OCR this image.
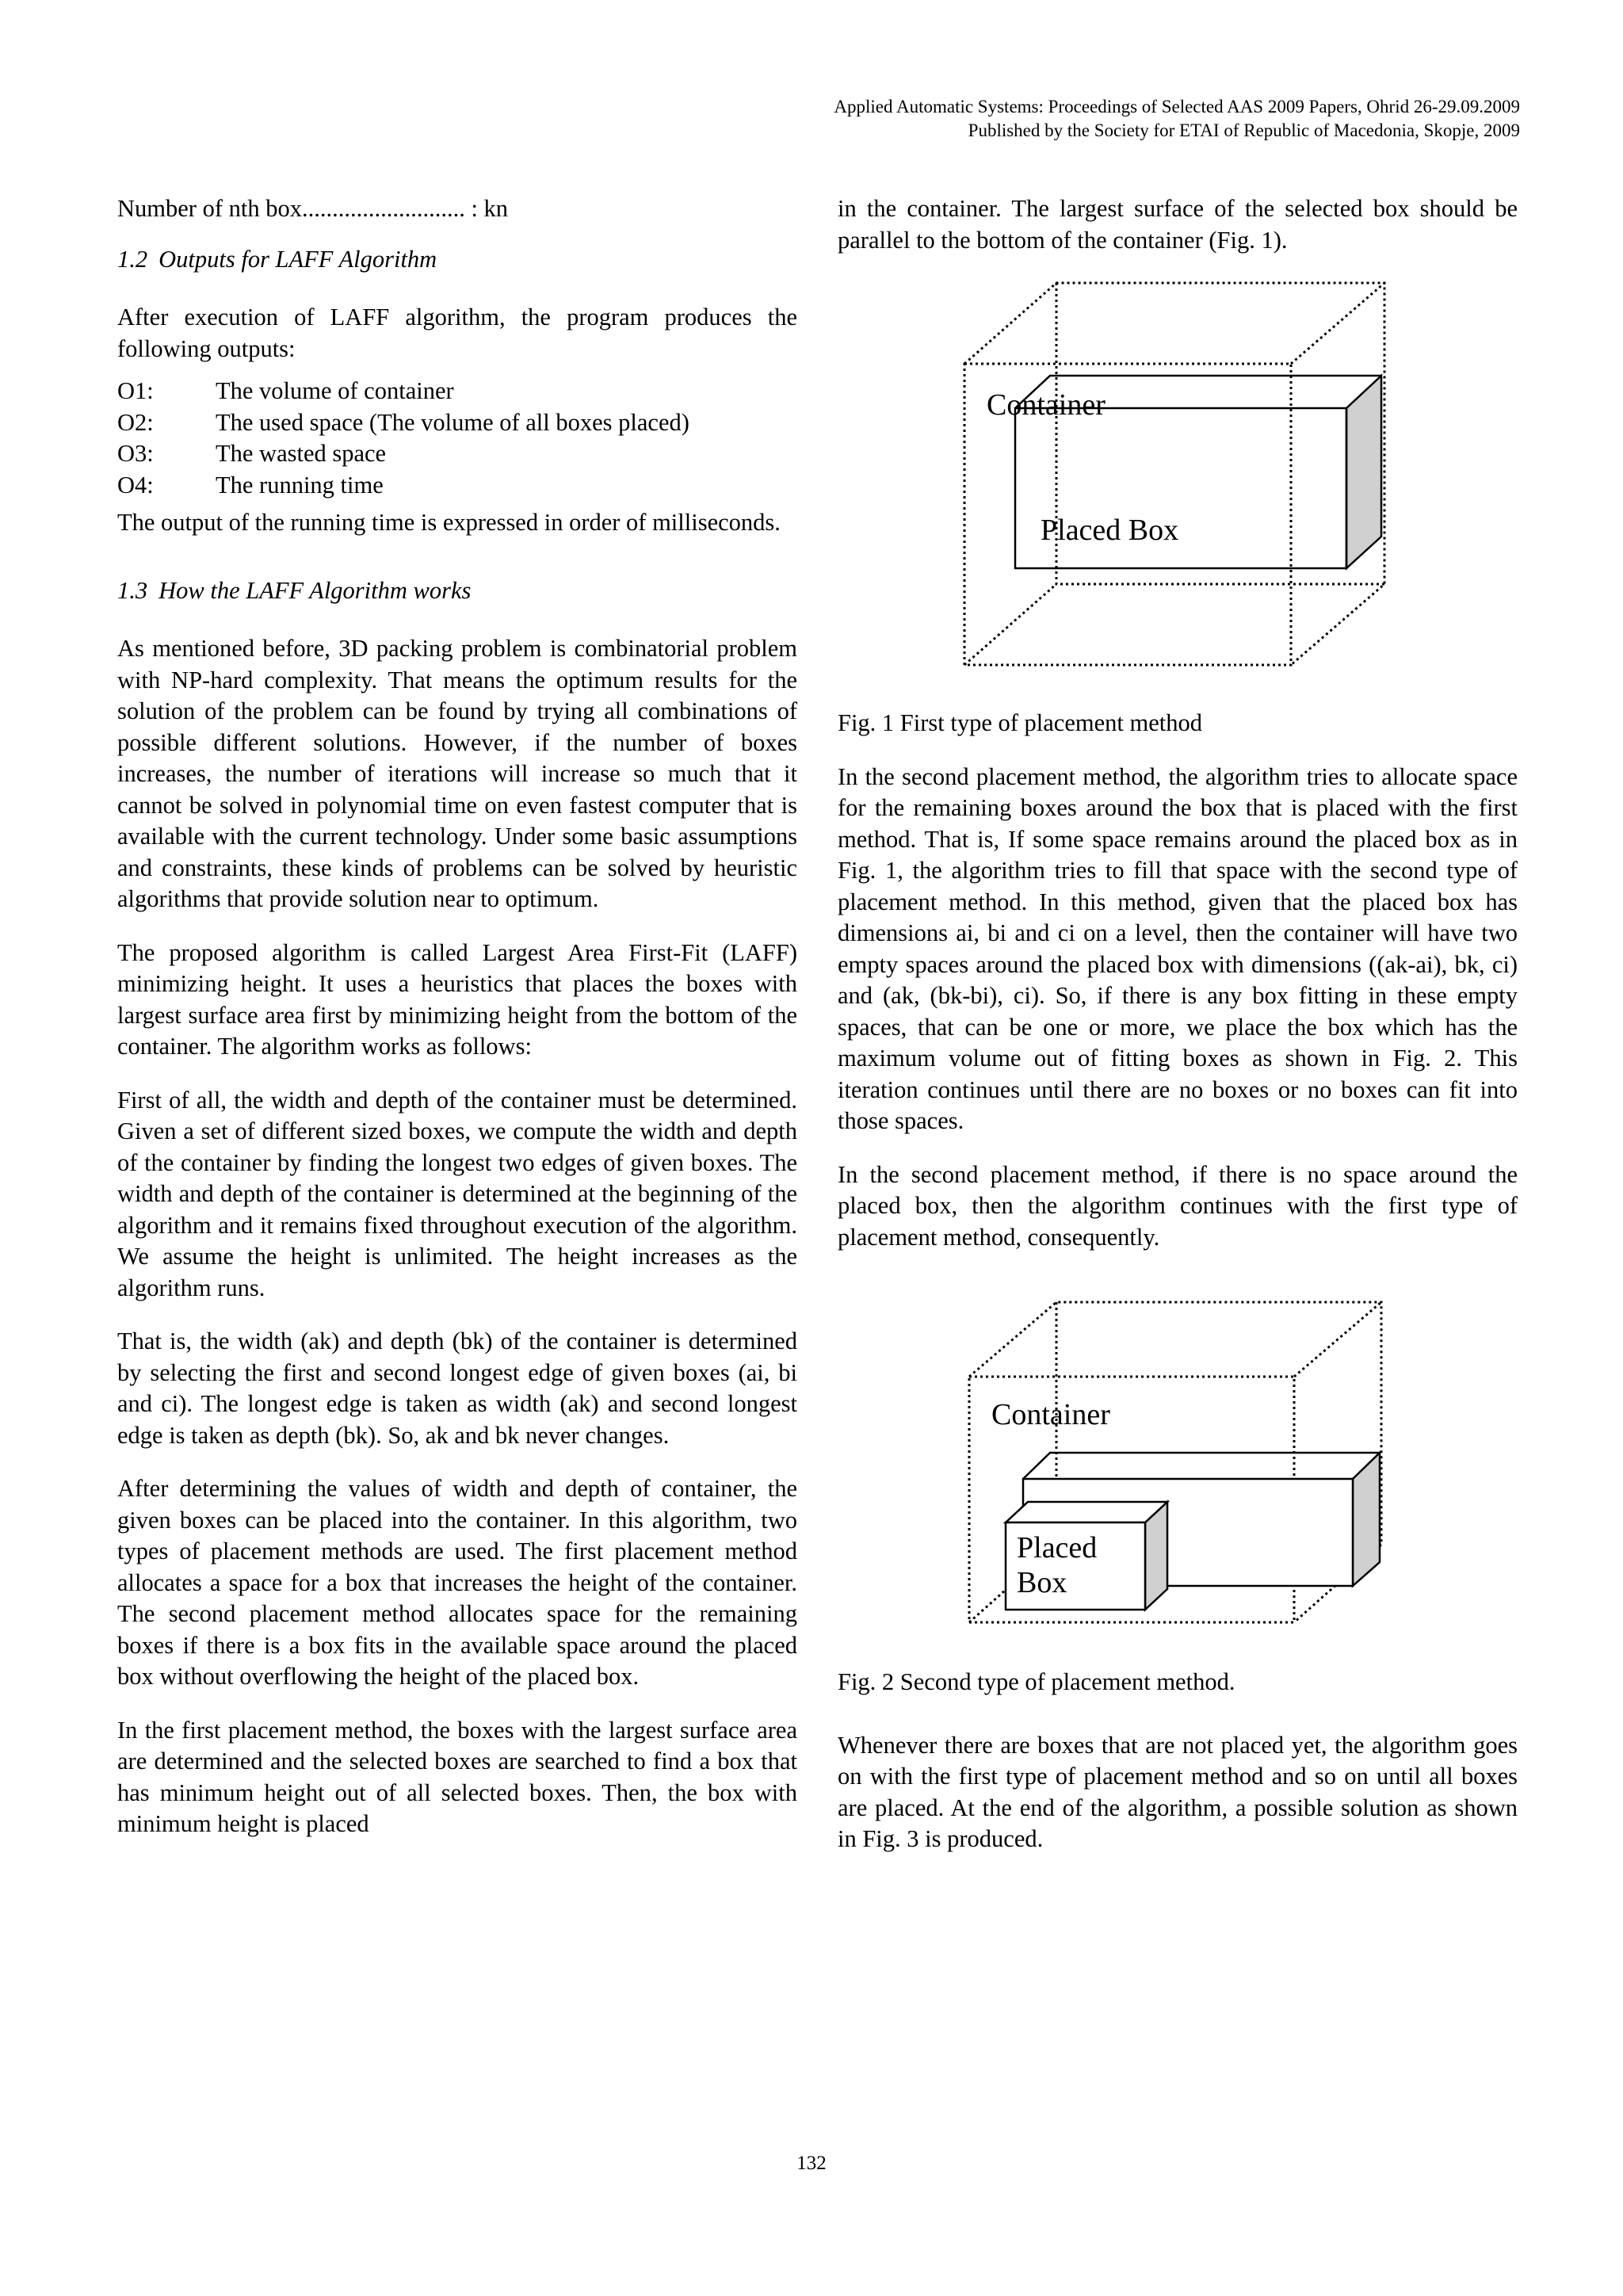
Applied Automatic Systems: Proceedings of Selected AAS 2009 Papers, Ohrid 26-29.09.2009
Published by the Society for ETAI of Republic of Macedonia, Skopje, 2009

Number of nth box........................... : kn

1.2 Outputs for LAFF Algorithm

After execution of LAFF algorithm, the program produces the following outputs:

O1:	The volume of container
O2:	The used space (The volume of all boxes placed)
O3:	The wasted space
O4:	The running time

The output of the running time is expressed in order of milliseconds.

1.3 How the LAFF Algorithm works

As mentioned before, 3D packing problem is combinatorial problem with NP-hard complexity. That means the optimum results for the solution of the problem can be found by trying all combinations of possible different solutions. However, if the number of boxes increases, the number of iterations will increase so much that it cannot be solved in polynomial time on even fastest computer that is available with the current technology. Under some basic assumptions and constraints, these kinds of problems can be solved by heuristic algorithms that provide solution near to optimum.

The proposed algorithm is called Largest Area First-Fit (LAFF) minimizing height. It uses a heuristics that places the boxes with largest surface area first by minimizing height from the bottom of the container. The algorithm works as follows:

First of all, the width and depth of the container must be determined. Given a set of different sized boxes, we compute the width and depth of the container by finding the longest two edges of given boxes. The width and depth of the container is determined at the beginning of the algorithm and it remains fixed throughout execution of the algorithm. We assume the height is unlimited. The height increases as the algorithm runs.

That is, the width (ak) and depth (bk) of the container is determined by selecting the first and second longest edge of given boxes (ai, bi and ci). The longest edge is taken as width (ak) and second longest edge is taken as depth (bk). So, ak and bk never changes.

After determining the values of width and depth of container, the given boxes can be placed into the container. In this algorithm, two types of placement methods are used. The first placement method allocates a space for a box that increases the height of the container. The second placement method allocates space for the remaining boxes if there is a box fits in the available space around the placed box without overflowing the height of the placed box.

In the first placement method, the boxes with the largest surface area are determined and the selected boxes are searched to find a box that has minimum height out of all selected boxes. Then, the box with minimum height is placed

in the container. The largest surface of the selected box should be parallel to the bottom of the container (Fig. 1).

Container
Placed Box

Fig. 1 First type of placement method

In the second placement method, the algorithm tries to allocate space for the remaining boxes around the box that is placed with the first method. That is, If some space remains around the placed box as in Fig. 1, the algorithm tries to fill that space with the second type of placement method. In this method, given that the placed box has dimensions ai, bi and ci on a level, then the container will have two empty spaces around the placed box with dimensions ((ak-ai), bk, ci) and (ak, (bk-bi), ci). So, if there is any box fitting in these empty spaces, that can be one or more, we place the box which has the maximum volume out of fitting boxes as shown in Fig. 2. This iteration continues until there are no boxes or no boxes can fit into those spaces.

In the second placement method, if there is no space around the placed box, then the algorithm continues with the first type of placement method, consequently.

Container
Placed
Box

Fig. 2 Second type of placement method.

Whenever there are boxes that are not placed yet, the algorithm goes on with the first type of placement method and so on until all boxes are placed. At the end of the algorithm, a possible solution as shown in Fig. 3 is produced.

132
